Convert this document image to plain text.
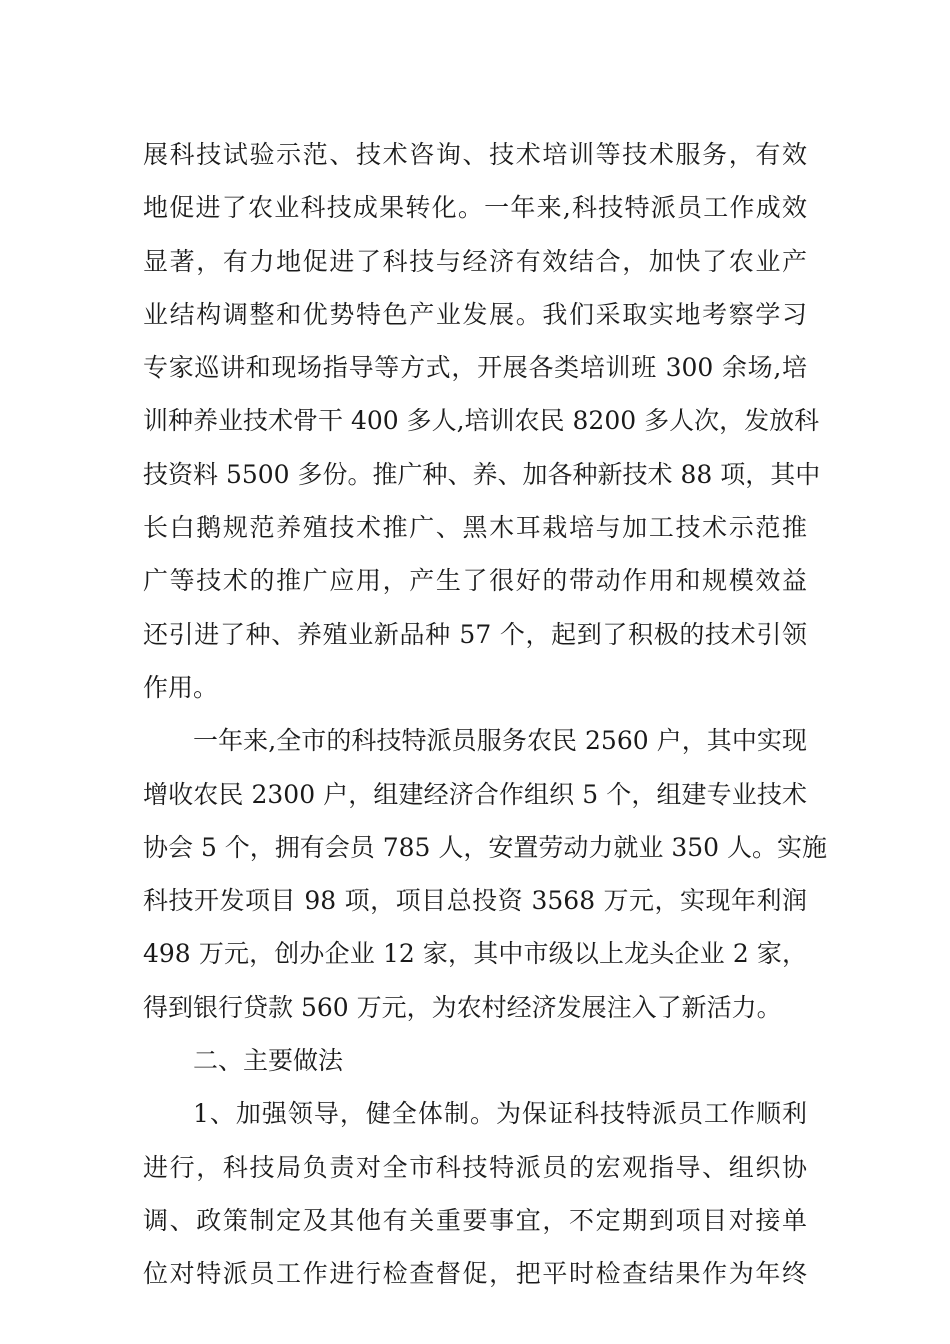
展科技试验示范、技术咨询、技术培训等技术服务，有效
地促进了农业科技成果转化。一年来,科技特派员工作成效
显著，有力地促进了科技与经济有效结合，加快了农业产
业结构调整和优势特色产业发展。我们采取实地考察学习
专家巡讲和现场指导等方式，开展各类培训班 300 余场,培
训种养业技术骨干 400 多人,培训农民 8200 多人次，发放科
技资料 5500 多份。推广种、养、加各种新技术 88 项，其中
长白鹅规范养殖技术推广、黑木耳栽培与加工技术示范推
广等技术的推广应用，产生了很好的带动作用和规模效益
还引进了种、养殖业新品种 57 个，起到了积极的技术引领
作用。
一年来,全市的科技特派员服务农民 2560 户，其中实现
增收农民 2300 户，组建经济合作组织 5 个，组建专业技术
协会 5 个，拥有会员 785 人，安置劳动力就业 350 人。实施
科技开发项目 98 项，项目总投资 3568 万元，实现年利润
498 万元，创办企业 12 家，其中市级以上龙头企业 2 家，
得到银行贷款 560 万元，为农村经济发展注入了新活力。
二、主要做法
1、加强领导，健全体制。为保证科技特派员工作顺利
进行，科技局负责对全市科技特派员的宏观指导、组织协
调、政策制定及其他有关重要事宜，不定期到项目对接单
位对特派员工作进行检查督促，把平时检查结果作为年终
